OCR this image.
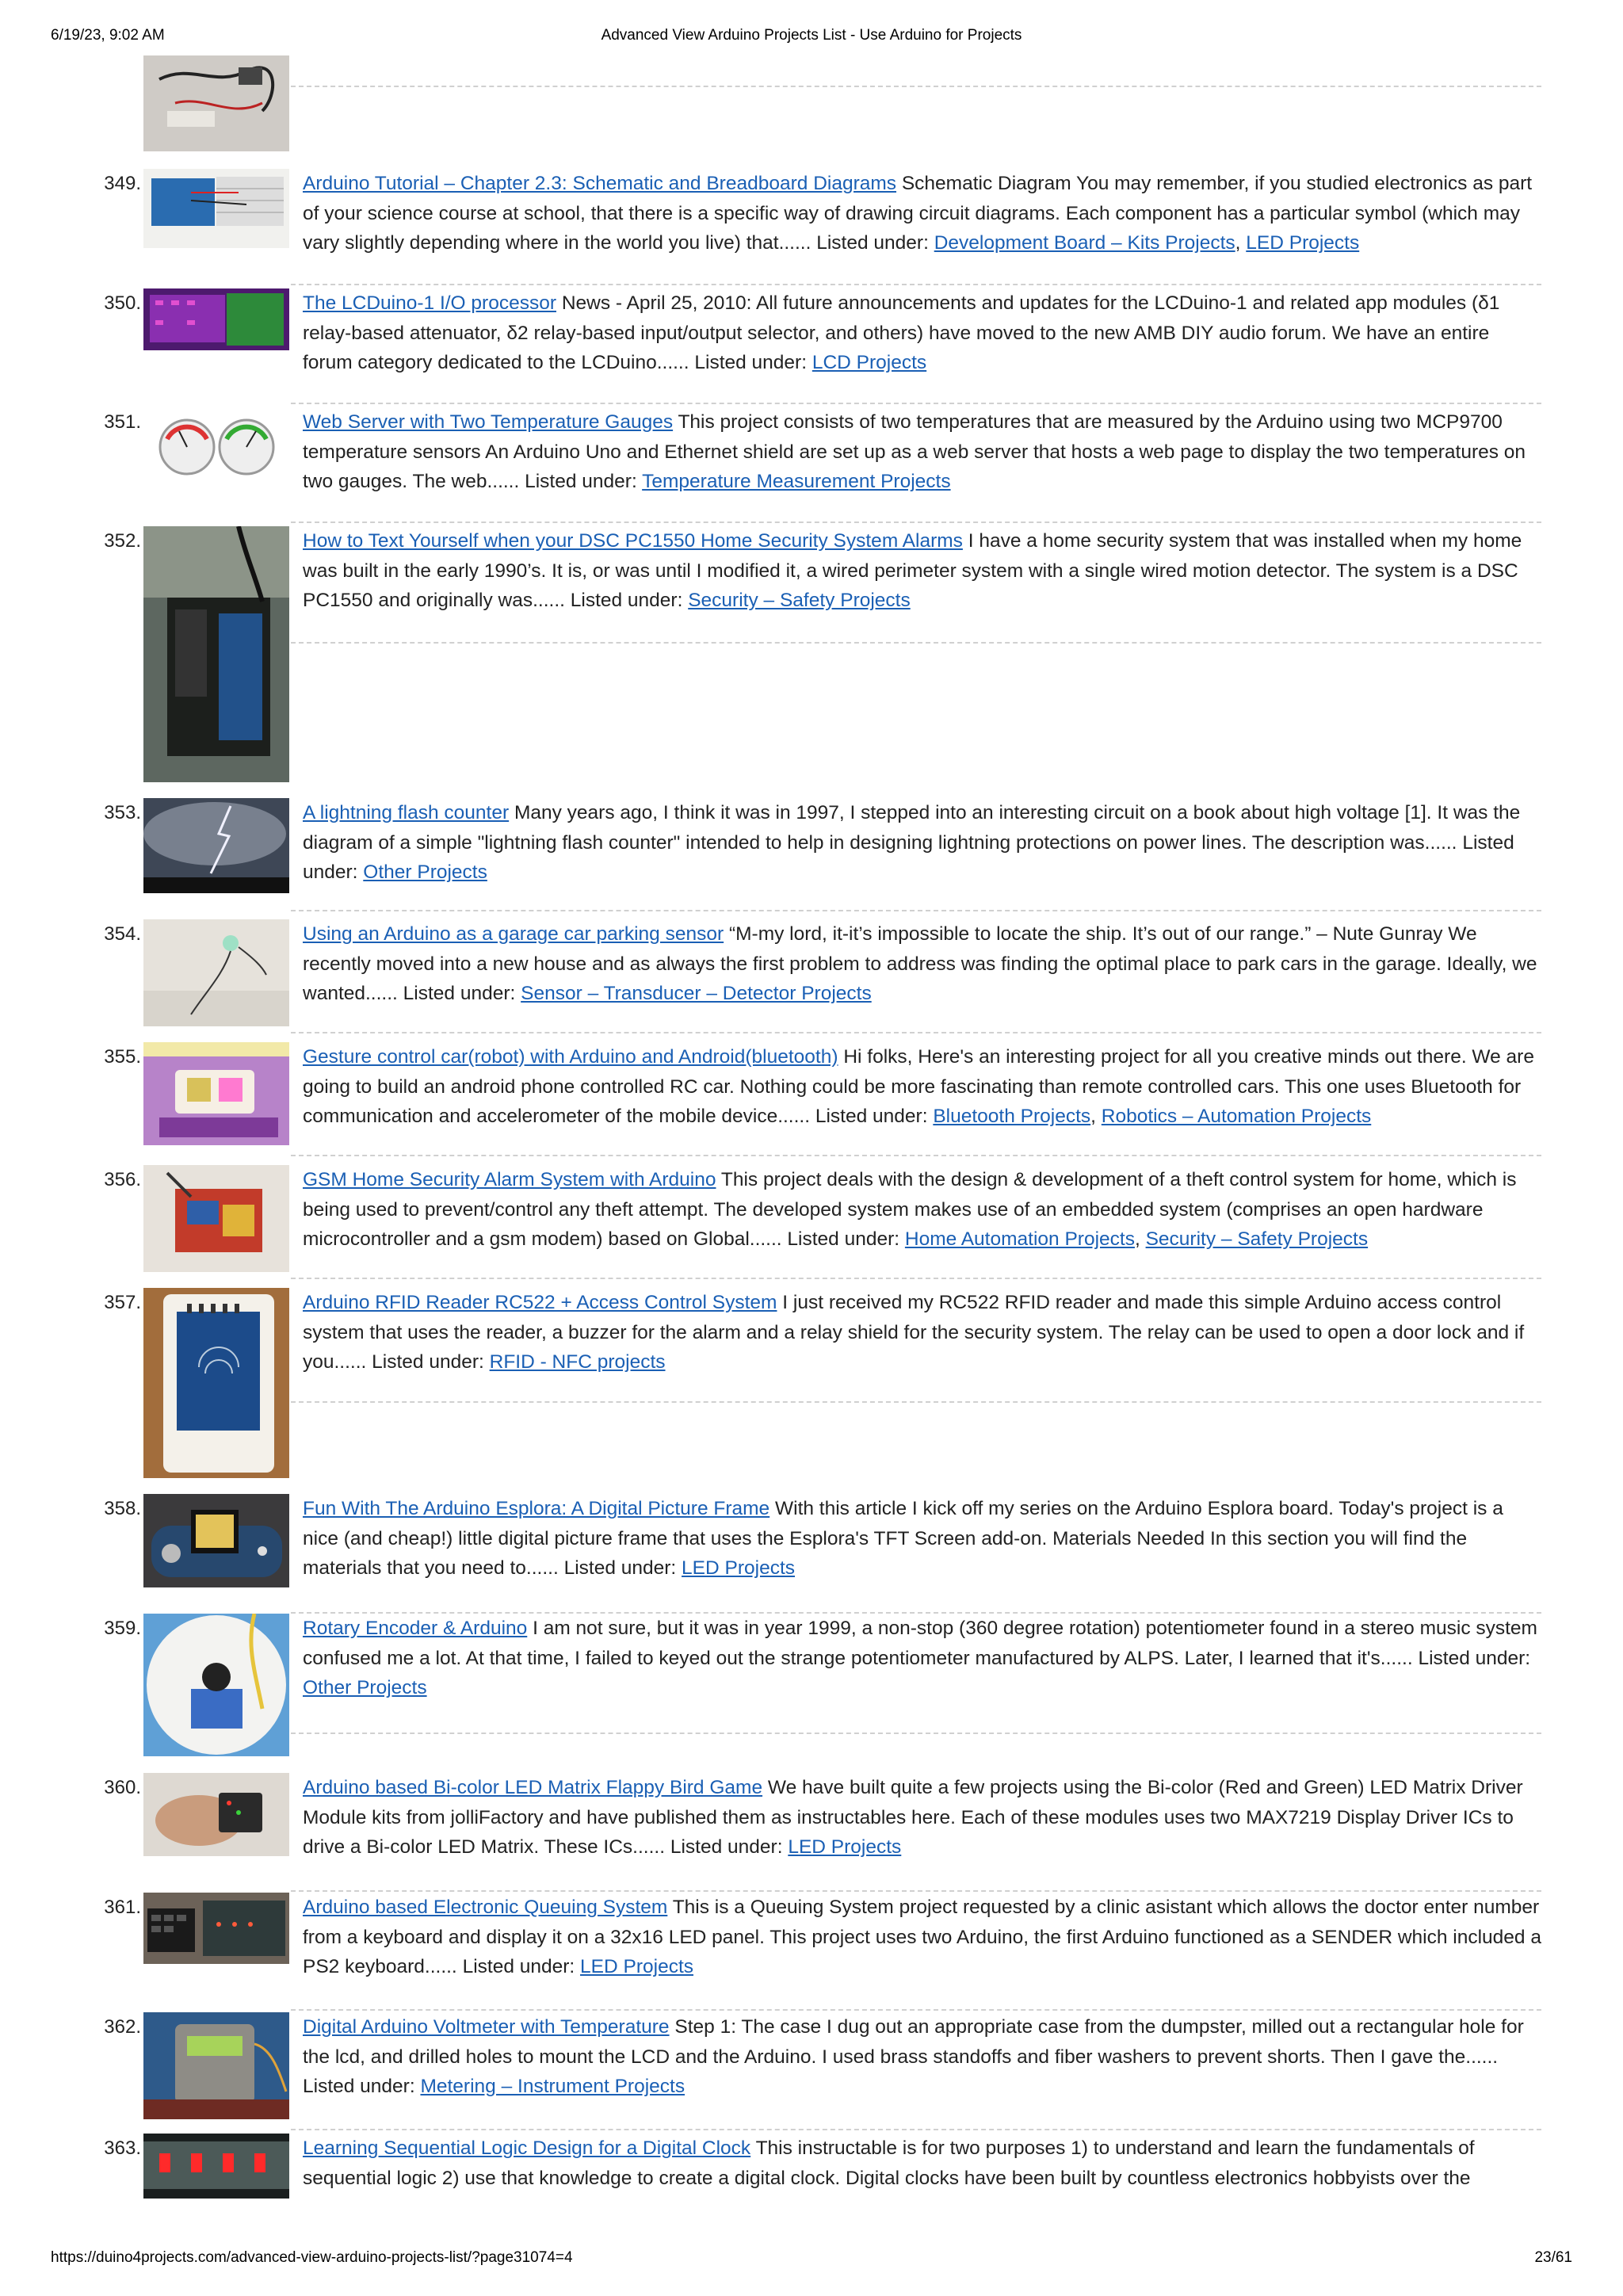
6/19/23, 9:02 AM	Advanced View Arduino Projects List - Use Arduino for Projects
349.	Arduino Tutorial – Chapter 2.3: Schematic and Breadboard Diagrams Schematic Diagram You may remember, if you studied electronics as part of your science course at school, that there is a specific way of drawing circuit diagrams. Each component has a particular symbol (which may vary slightly depending where in the world you live) that...... Listed under: Development Board – Kits Projects, LED Projects
350.	The LCDuino-1 I/O processor News - April 25, 2010: All future announcements and updates for the LCDuino-1 and related app modules (δ1 relay-based attenuator, δ2 relay-based input/output selector, and others) have moved to the new AMB DIY audio forum. We have an entire forum category dedicated to the LCDuino...... Listed under: LCD Projects
351.	Web Server with Two Temperature Gauges This project consists of two temperatures that are measured by the Arduino using two MCP9700 temperature sensors An Arduino Uno and Ethernet shield are set up as a web server that hosts a web page to display the two temperatures on two gauges. The web...... Listed under: Temperature Measurement Projects
352.	How to Text Yourself when your DSC PC1550 Home Security System Alarms I have a home security system that was installed when my home was built in the early 1990’s. It is, or was until I modified it, a wired perimeter system with a single wired motion detector. The system is a DSC PC1550 and originally was...... Listed under: Security – Safety Projects
353.	A lightning flash counter Many years ago, I think it was in 1997, I stepped into an interesting circuit on a book about high voltage [1]. It was the diagram of a simple "lightning flash counter" intended to help in designing lightning protections on power lines. The description was...... Listed under: Other Projects
354.	Using an Arduino as a garage car parking sensor “M-my lord, it-it’s impossible to locate the ship. It’s out of our range.” – Nute Gunray We recently moved into a new house and as always the first problem to address was finding the optimal place to park cars in the garage. Ideally, we wanted...... Listed under: Sensor – Transducer – Detector Projects
355.	Gesture control car(robot) with Arduino and Android(bluetooth) Hi folks, Here's an interesting project for all you creative minds out there. We are going to build an android phone controlled RC car. Nothing could be more fascinating than remote controlled cars. This one uses Bluetooth for communication and accelerometer of the mobile device...... Listed under: Bluetooth Projects, Robotics – Automation Projects
356.	GSM Home Security Alarm System with Arduino This project deals with the design & development of a theft control system for home, which is being used to prevent/control any theft attempt. The developed system makes use of an embedded system (comprises an open hardware microcontroller and a gsm modem) based on Global...... Listed under: Home Automation Projects, Security – Safety Projects
357.	Arduino RFID Reader RC522 + Access Control System I just received my RC522 RFID reader and made this simple Arduino access control system that uses the reader, a buzzer for the alarm and a relay shield for the security system. The relay can be used to open a door lock and if you...... Listed under: RFID - NFC projects
358.	Fun With The Arduino Esplora: A Digital Picture Frame With this article I kick off my series on the Arduino Esplora board. Today's project is a nice (and cheap!) little digital picture frame that uses the Esplora's TFT Screen add-on. Materials Needed In this section you will find the materials that you need to...... Listed under: LED Projects
359.	Rotary Encoder & Arduino I am not sure, but it was in year 1999, a non-stop (360 degree rotation) potentiometer found in a stereo music system confused me a lot. At that time, I failed to keyed out the strange potentiometer manufactured by ALPS. Later, I learned that it's...... Listed under: Other Projects
360.	Arduino based Bi-color LED Matrix Flappy Bird Game We have built quite a few projects using the Bi-color (Red and Green) LED Matrix Driver Module kits from jolliFactory and have published them as instructables here. Each of these modules uses two MAX7219 Display Driver ICs to drive a Bi-color LED Matrix. These ICs...... Listed under: LED Projects
361.	Arduino based Electronic Queuing System This is a Queuing System project requested by a clinic asistant which allows the doctor enter number from a keyboard and display it on a 32x16 LED panel. This project uses two Arduino, the first Arduino functioned as a SENDER which included a PS2 keyboard...... Listed under: LED Projects
362.	Digital Arduino Voltmeter with Temperature Step 1: The case I dug out an appropriate case from the dumpster, milled out a rectangular hole for the lcd, and drilled holes to mount the LCD and the Arduino. I used brass standoffs and fiber washers to prevent shorts. Then I gave the...... Listed under: Metering – Instrument Projects
363.	Learning Sequential Logic Design for a Digital Clock This instructable is for two purposes 1) to understand and learn the fundamentals of sequential logic 2) use that knowledge to create a digital clock. Digital clocks have been built by countless electronics hobbyists over the
https://duino4projects.com/advanced-view-arduino-projects-list/?page31074=4	23/61
